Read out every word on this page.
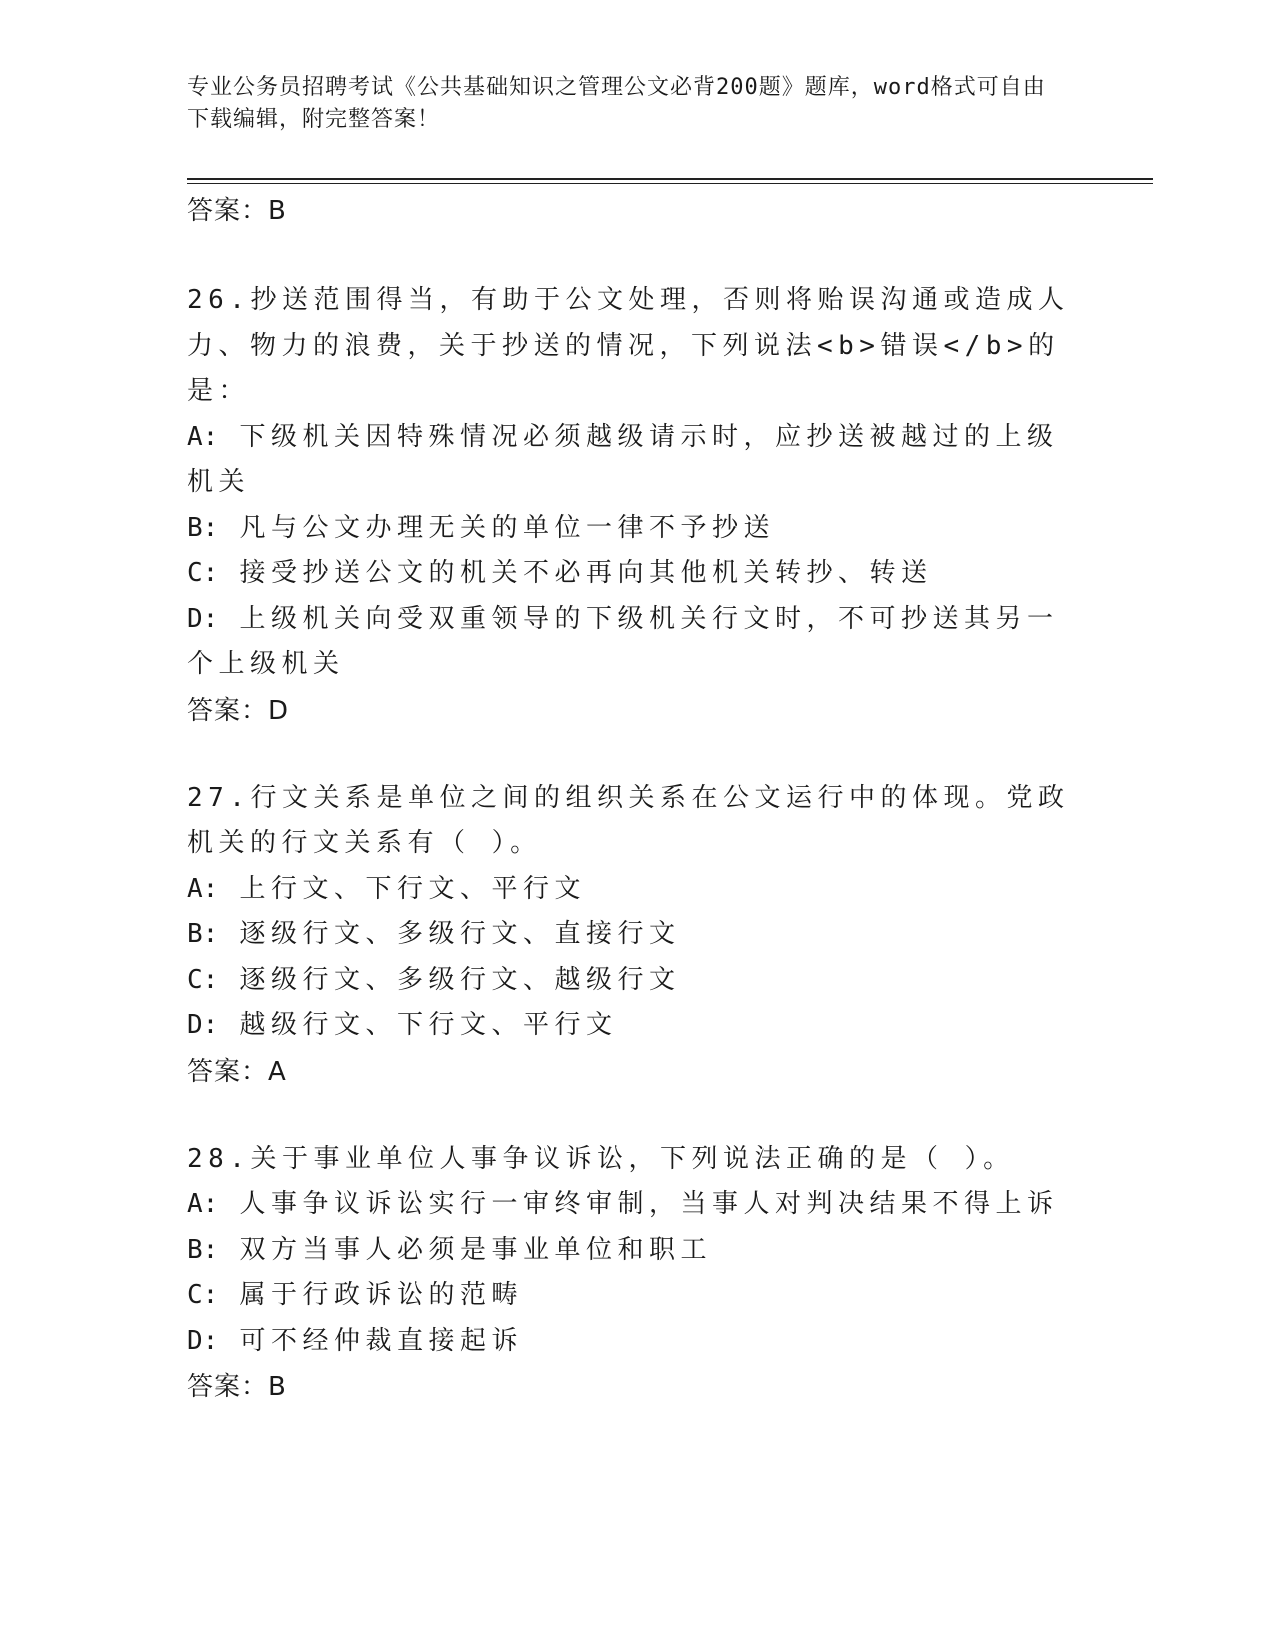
专业公务员招聘考试《公共基础知识之管理公文必背200题》题库，word格式可自由下载编辑，附完整答案！

答案：B

26.抄送范围得当，有助于公文处理，否则将贻误沟通或造成人力、物力的浪费，关于抄送的情况，下列说法<b>错误</b>的是：

A: 下级机关因特殊情况必须越级请示时，应抄送被越过的上级机关

B: 凡与公文办理无关的单位一律不予抄送

C: 接受抄送公文的机关不必再向其他机关转抄、转送

D: 上级机关向受双重领导的下级机关行文时，不可抄送其另一个上级机关

答案：D

27.行文关系是单位之间的组织关系在公文运行中的体现。党政机关的行文关系有（ ）。

A: 上行文、下行文、平行文

B: 逐级行文、多级行文、直接行文

C: 逐级行文、多级行文、越级行文

D: 越级行文、下行文、平行文

答案：A

28.关于事业单位人事争议诉讼，下列说法正确的是（ ）。

A: 人事争议诉讼实行一审终审制，当事人对判决结果不得上诉

B: 双方当事人必须是事业单位和职工

C: 属于行政诉讼的范畴

D: 可不经仲裁直接起诉

答案：B
